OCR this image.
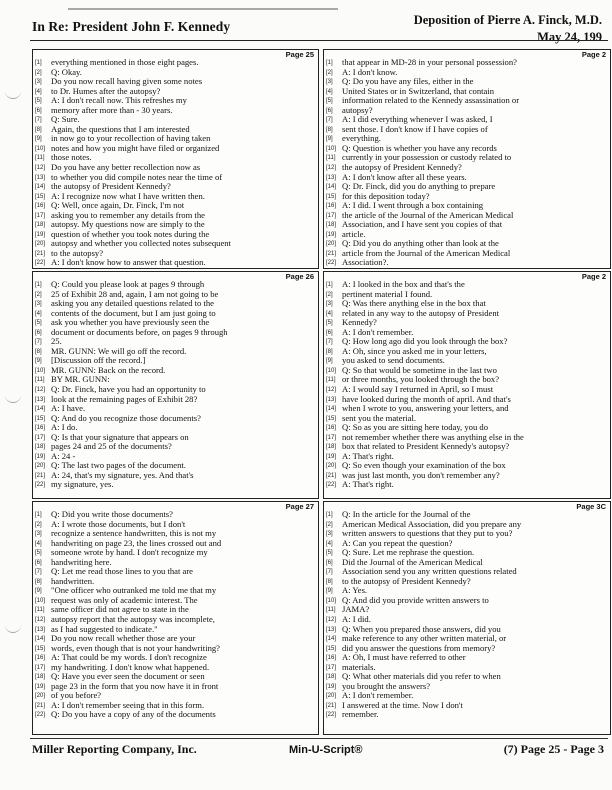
In Re: President John F. Kennedy	Deposition of Pierre A. Finck, M.D.
May 24, 199
Page 25
[1]	everything mentioned in those eight pages.
[2]	Q: Okay.
[3]	Do you now recall having given some notes
[4]	to Dr. Humes after the autopsy?
[5]	A: I don't recall now. This refreshes my
[6]	memory after more than - 30 years.
[7]	Q: Sure.
[8]	Again, the questions that I am interested
[9]	in now go to your recollection of having taken
[10] notes and how you might have filed or organized
[11] those notes.
[12] Do you have any better recollection now as
[13] to whether you did compile notes near the time of
[14] the autopsy of President Kennedy?
[15] A: I recognize now what I have written then.
[16] Q: Well, once again, Dr. Finck, I'm not
[17] asking you to remember any details from the
[18] autopsy. My questions now are simply to the
[19] question of whether you took notes during the
[20] autopsy and whether you collected notes subsequent
[21] to the autopsy?
[22] A: I don't know how to answer that question.
Page 2
[1]	that appear in MD-28 in your personal possession?
[2]	A: I don't know.
[3]	Q: Do you have any files, either in the
[4]	United States or in Switzerland, that contain
[5]	information related to the Kennedy assassination or
[6]	autopsy?
[7]	A: I did everything whenever I was asked, I
[8]	sent those. I don't know if I have copies of
[9]	everything.
[10] Q: Question is whether you have any records
[11] currently in your possession or custody related to
[12] the autopsy of President Kennedy?
[13] A: I don't know after all these years.
[14] Q: Dr. Finck, did you do anything to prepare
[15] for this deposition today?
[16] A: I did. I went through a box containing
[17] the article of the Journal of the American Medical
[18] Association, and I have sent you copies of that
[19] article.
[20] Q: Did you do anything other than look at the
[21] article from the Journal of the American Medical
[22] Association?.
Page 26
[1]	Q: Could you please look at pages 9 through
[2]	25 of Exhibit 28 and, again, I am not going to be
[3]	asking you any detailed questions related to the
[4]	contents of the document, but I am just going to
[5]	ask you whether you have previously seen the
[6]	document or documents before, on pages 9 through
[7]	25.
[8]	MR. GUNN: We will go off the record.
[9]	[Discussion off the record.]
[10] MR. GUNN: Back on the record.
[11] BY MR. GUNN:
[12] Q: Dr. Finck, have you had an opportunity to
[13] look at the remaining pages of Exhibit 28?
[14] A: I have.
[15] Q: And do you recognize those documents?
[16] A: I do.
[17] Q: Is that your signature that appears on
[18] pages 24 and 25 of the documents?
[19] A: 24 -
[20] Q: The last two pages of the document.
[21] A: 24, that's my signature, yes. And that's
[22] my signature, yes.
Page 2
[1]	A: I looked in the box and that's the
[2]	pertinent material I found.
[3]	Q: Was there anything else in the box that
[4]	related in any way to the autopsy of President
[5]	Kennedy?
[6]	A: I don't remember.
[7]	Q: How long ago did you look through the box?
[8]	A: Oh, since you asked me in your letters,
[9]	you asked to send documents.
[10] Q: So that would be sometime in the last two
[11] or three months, you looked through the box?
[12] A: I would say I returned in April, so I must
[13] have looked during the month of april. And that's
[14] when I wrote to you, answering your letters, and
[15] sent you the material.
[16] Q: So as you are sitting here today, you do
[17] not remember whether there was anything else in the
[18] box that related to President Kennedy's autopsy?
[19] A: That's right.
[20] Q: So even though your examination of the box
[21] was just last month, you don't remember any?
[22] A: That's right.
Page 27
[1]	Q: Did you write those documents?
[2]	A: I wrote those documents, but I don't
[3]	recognize a sentence handwritten, this is not my
[4]	handwriting on page 23, the lines crossed out and
[5]	someone wrote by hand. I don't recognize my
[6]	handwriting here.
[7]	Q: Let me read those lines to you that are
[8]	handwritten.
[9]	"One officer who outranked me told me that my
[10] request was only of academic interest. The
[11] same officer did not agree to state in the
[12] autopsy report that the autopsy was incomplete,
[13] as I had suggested to indicate."
[14] Do you now recall whether those are your
[15] words, even though that is not your handwriting?
[16] A: That could be my words. I don't recognize
[17] my handwriting. I don't know what happened.
[18] Q: Have you ever seen the document or seen
[19] page 23 in the form that you now have it in front
[20] of you before?
[21] A: I don't remember seeing that in this form.
[22] Q: Do you have a copy of any of the documents
Page 3C
[1]	Q: In the article for the Journal of the
[2]	American Medical Association, did you prepare any
[3]	written answers to questions that they put to you?
[4]	A: Can you repeat the question?
[5]	Q: Sure. Let me rephrase the question.
[6]	Did the Journal of the American Medical
[7]	Association send you any written questions related
[8]	to the autopsy of President Kennedy?
[9]	A: Yes.
[10] Q: And did you provide written answers to
[11] JAMA?
[12] A: I did.
[13] Q: When you prepared those answers, did you
[14] make reference to any other written material, or
[15] did you answer the questions from memory?
[16] A: Oh, I must have referred to other
[17] materials.
[18] Q: What other materials did you refer to when
[19] you brought the answers?
[20] A: I don't remember.
[21] I answered at the time. Now I don't
[22] remember.
Miller Reporting Company, Inc.	Min-U-Script®	(7) Page 25 - Page 3
